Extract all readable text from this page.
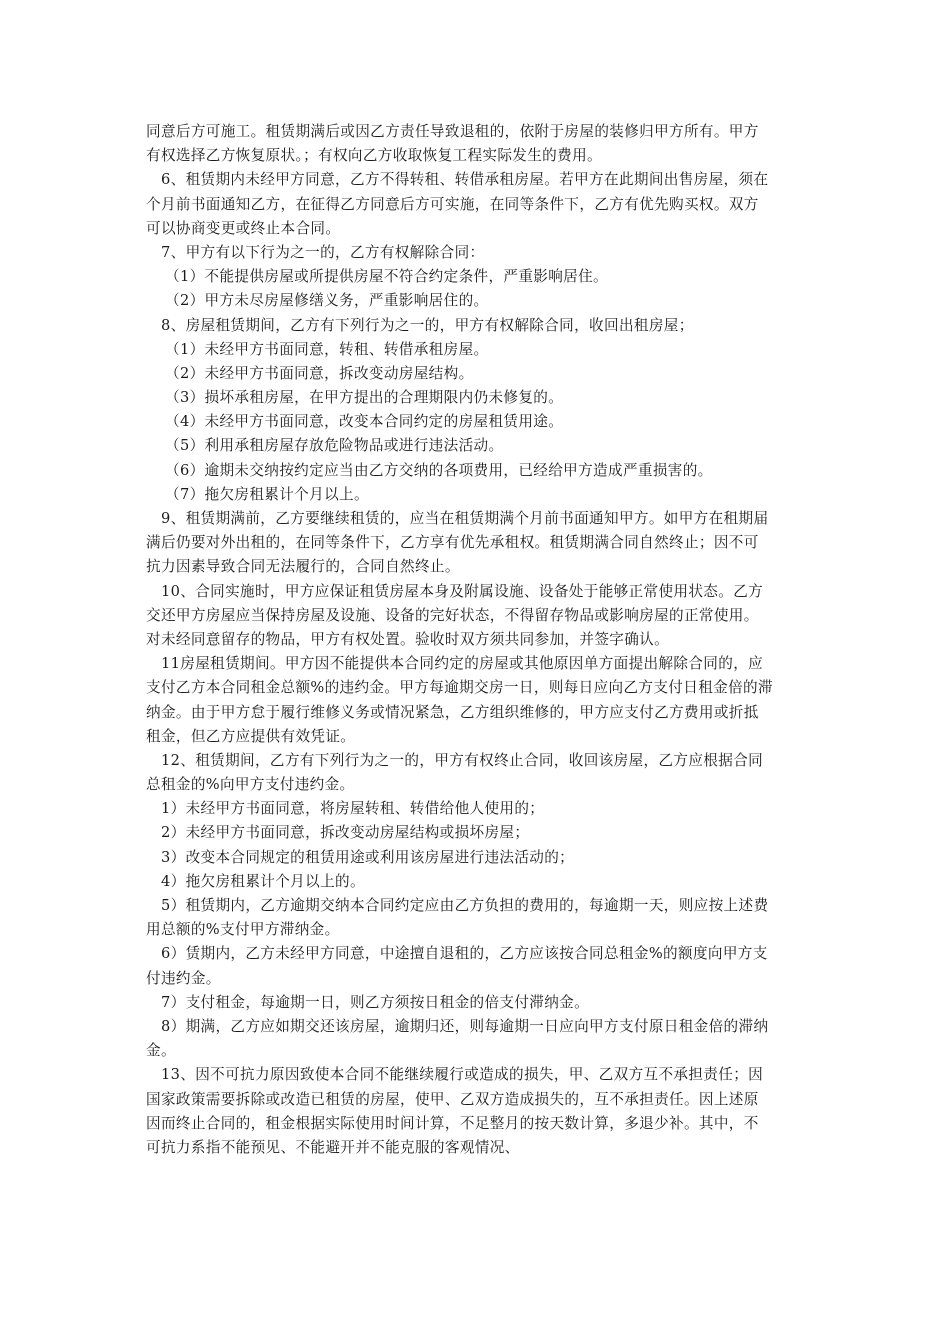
同意后方可施工。租赁期满后或因乙方责任导致退租的，依附于房屋的装修归甲方所有。甲方
有权选择乙方恢复原状。；有权向乙方收取恢复工程实际发生的费用。
6、租赁期内未经甲方同意，乙方不得转租、转借承租房屋。若甲方在此期间出售房屋，须在
个月前书面通知乙方，在征得乙方同意后方可实施，在同等条件下，乙方有优先购买权。双方
可以协商变更或终止本合同。
7、甲方有以下行为之一的，乙方有权解除合同：
（1）不能提供房屋或所提供房屋不符合约定条件，严重影响居住。
（2）甲方未尽房屋修缮义务，严重影响居住的。
8、房屋租赁期间，乙方有下列行为之一的，甲方有权解除合同，收回出租房屋；
（1）未经甲方书面同意，转租、转借承租房屋。
（2）未经甲方书面同意，拆改变动房屋结构。
（3）损坏承租房屋，在甲方提出的合理期限内仍未修复的。
（4）未经甲方书面同意，改变本合同约定的房屋租赁用途。
（5）利用承租房屋存放危险物品或进行违法活动。
（6）逾期未交纳按约定应当由乙方交纳的各项费用，已经给甲方造成严重损害的。
（7）拖欠房租累计个月以上。
9、租赁期满前，乙方要继续租赁的，应当在租赁期满个月前书面通知甲方。如甲方在租期届
满后仍要对外出租的，在同等条件下，乙方享有优先承租权。租赁期满合同自然终止；因不可
抗力因素导致合同无法履行的，合同自然终止。
10、合同实施时，甲方应保证租赁房屋本身及附属设施、设备处于能够正常使用状态。乙方
交还甲方房屋应当保持房屋及设施、设备的完好状态，不得留存物品或影响房屋的正常使用。
对未经同意留存的物品，甲方有权处置。验收时双方须共同参加，并签字确认。
11房屋租赁期间。甲方因不能提供本合同约定的房屋或其他原因单方面提出解除合同的，应
支付乙方本合同租金总额%的违约金。甲方每逾期交房一日，则每日应向乙方支付日租金倍的滞
纳金。由于甲方怠于履行维修义务或情况紧急，乙方组织维修的，甲方应支付乙方费用或折抵
租金，但乙方应提供有效凭证。
12、租赁期间，乙方有下列行为之一的，甲方有权终止合同，收回该房屋，乙方应根据合同
总租金的%向甲方支付违约金。
1）未经甲方书面同意，将房屋转租、转借给他人使用的；
2）未经甲方书面同意，拆改变动房屋结构或损坏房屋；
3）改变本合同规定的租赁用途或利用该房屋进行违法活动的；
4）拖欠房租累计个月以上的。
5）租赁期内，乙方逾期交纳本合同约定应由乙方负担的费用的，每逾期一天，则应按上述费
用总额的%支付甲方滞纳金。
6）赁期内，乙方未经甲方同意，中途擅自退租的，乙方应该按合同总租金%的额度向甲方支
付违约金。
7）支付租金，每逾期一日，则乙方须按日租金的倍支付滞纳金。
8）期满，乙方应如期交还该房屋，逾期归还，则每逾期一日应向甲方支付原日租金倍的滞纳
金。
13、因不可抗力原因致使本合同不能继续履行或造成的损失，甲、乙双方互不承担责任；因
国家政策需要拆除或改造已租赁的房屋，使甲、乙双方造成损失的，互不承担责任。因上述原
因而终止合同的，租金根据实际使用时间计算，不足整月的按天数计算，多退少补。其中，不
可抗力系指不能预见、不能避开并不能克服的客观情况、
